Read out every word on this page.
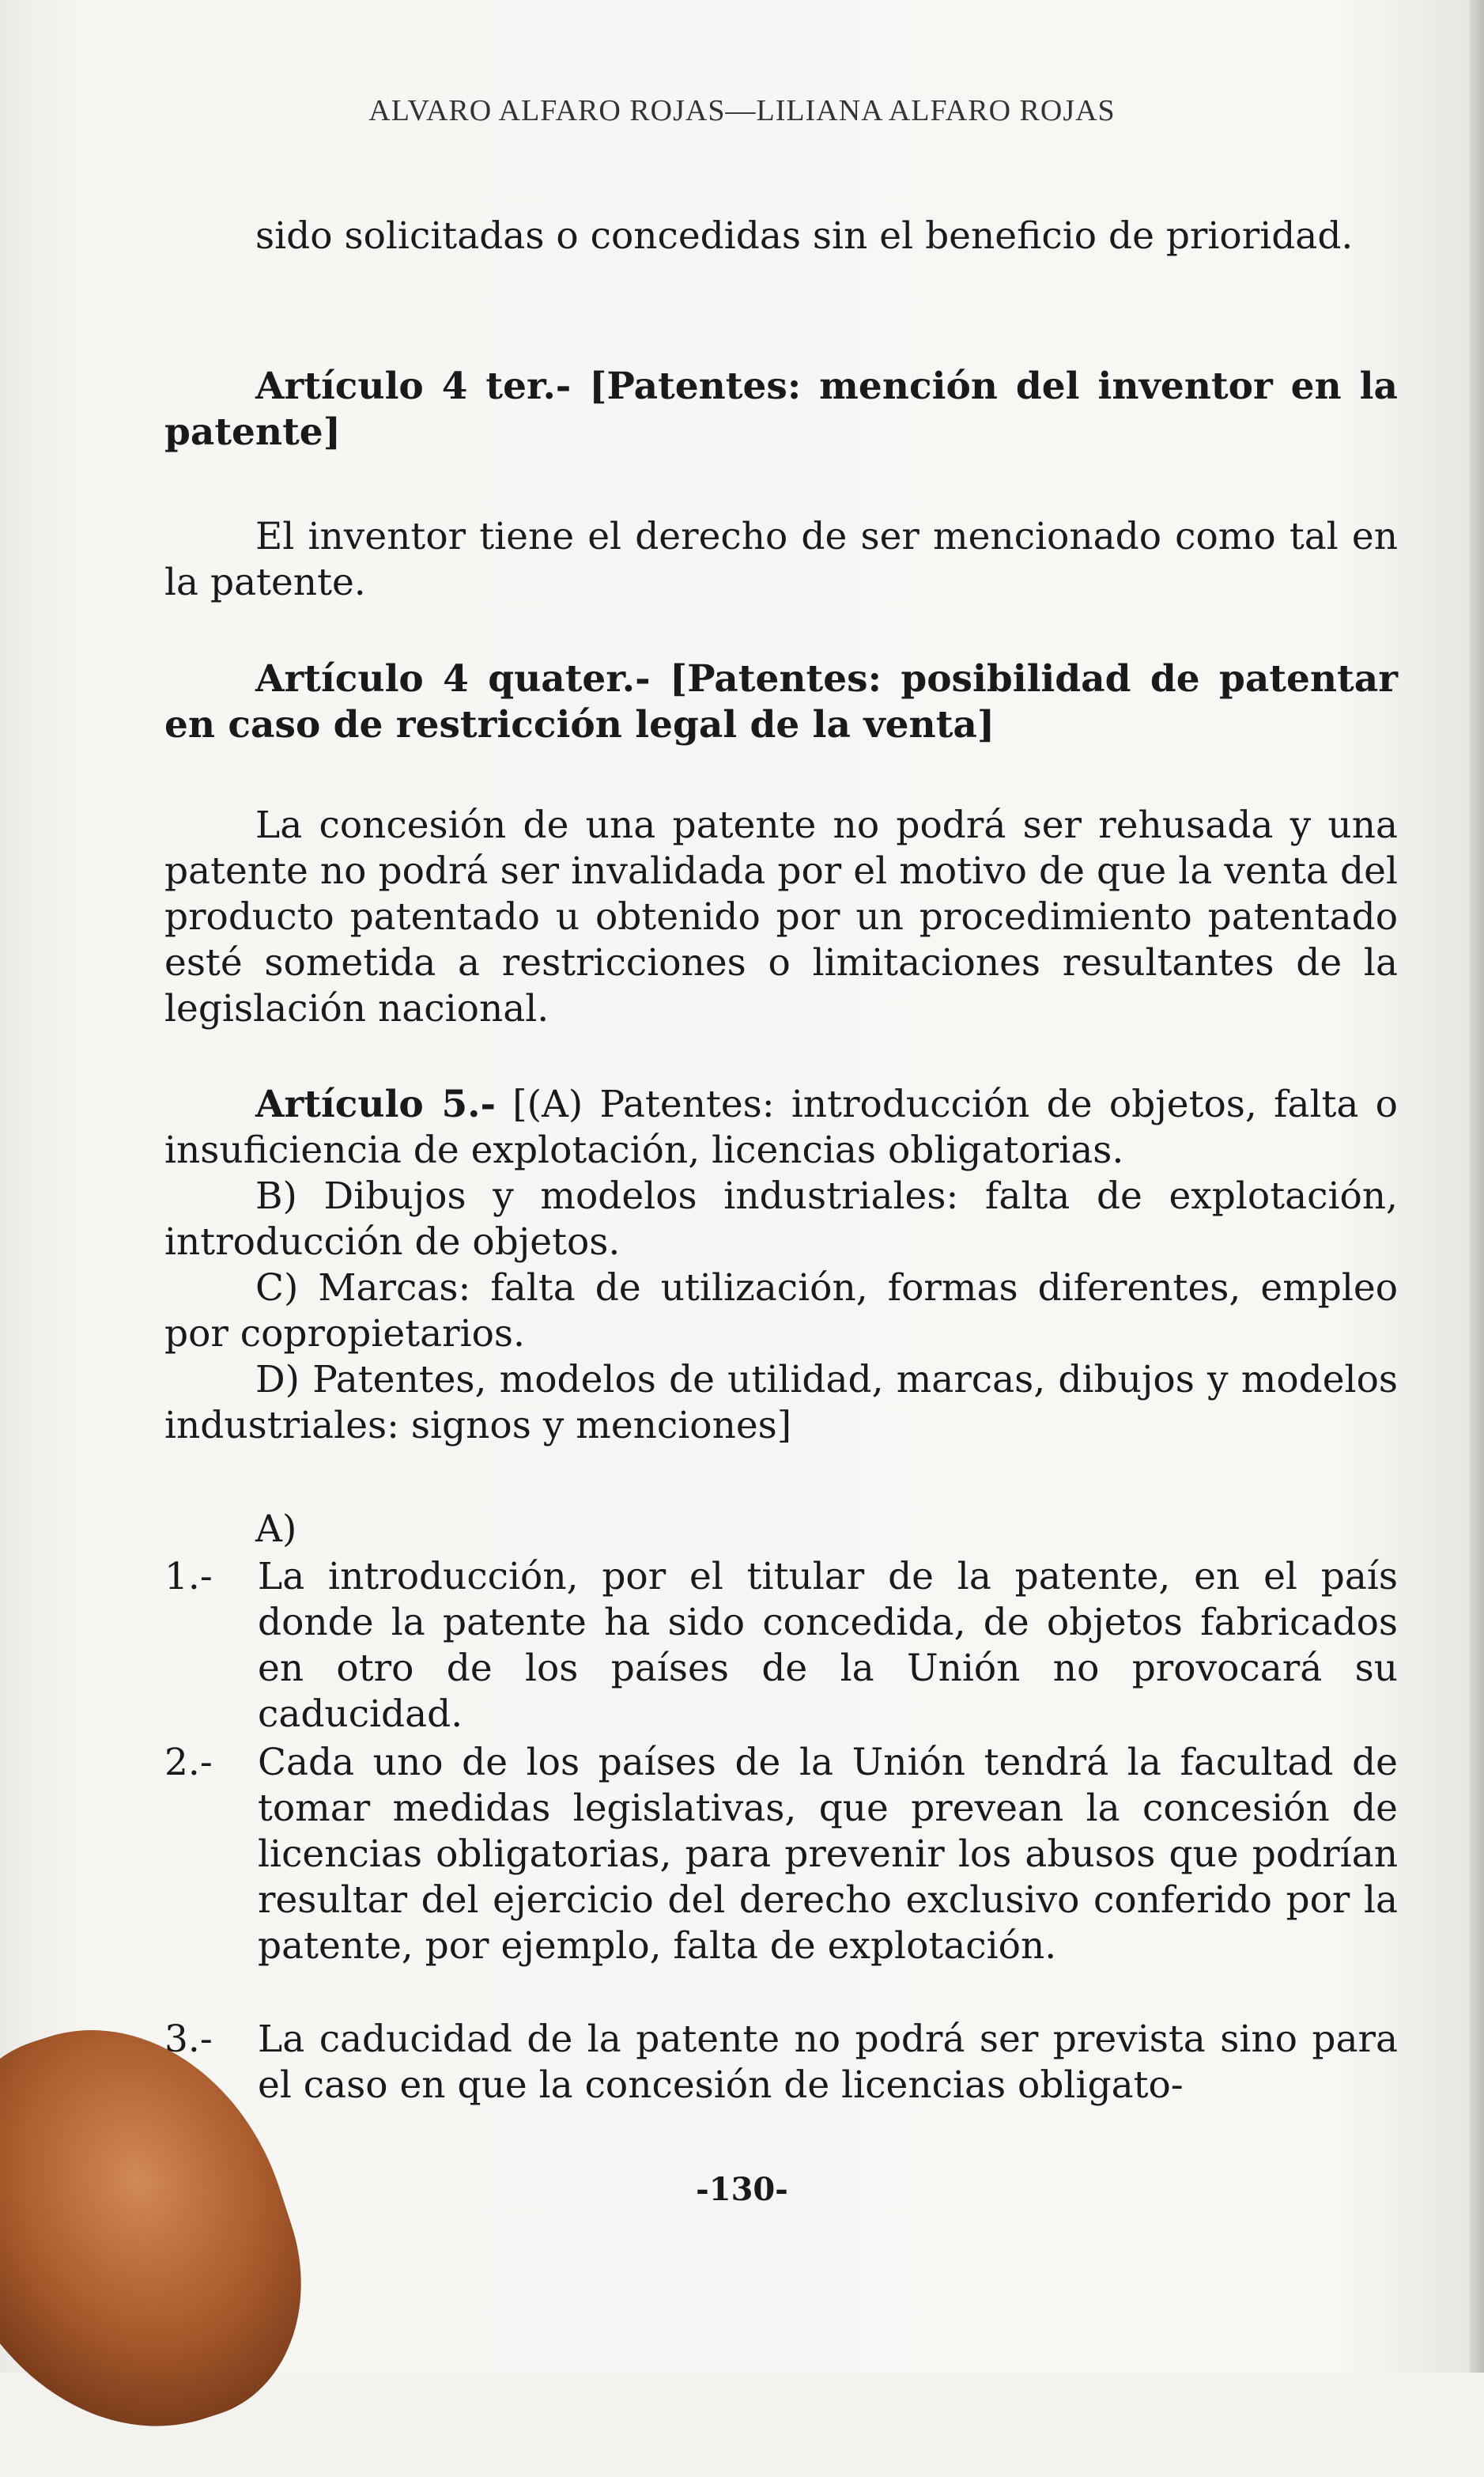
ALVARO ALFARO ROJAS—LILIANA ALFARO ROJAS
sido solicitadas o concedidas sin el beneficio de prioridad.
Artículo 4 ter.- [Patentes: mención del inventor en la patente]
El inventor tiene el derecho de ser mencionado como tal en la patente.
Artículo 4 quater.- [Patentes: posibilidad de patentar en caso de restricción legal de la venta]
La concesión de una patente no podrá ser rehusada y una patente no podrá ser invalidada por el motivo de que la venta del producto patentado u obtenido por un procedimiento patentado esté sometida a restricciones o limitaciones resultantes de la legislación nacional.
Artículo 5.- [(A) Patentes: introducción de objetos, falta o insuficiencia de explotación, licencias obligatorias.
B) Dibujos y modelos industriales: falta de explotación, introducción de objetos.
C) Marcas: falta de utilización, formas diferentes, empleo por copropietarios.
D) Patentes, modelos de utilidad, marcas, dibujos y modelos industriales: signos y menciones]
A)
1.-	La introducción, por el titular de la patente, en el país donde la patente ha sido concedida, de objetos fabricados en otro de los países de la Unión no provocará su caducidad.
2.-	Cada uno de los países de la Unión tendrá la facultad de tomar medidas legislativas, que prevean la concesión de licencias obligatorias, para prevenir los abusos que podrían resultar del ejercicio del derecho exclusivo conferido por la patente, por ejemplo, falta de explotación.
3.-	La caducidad de la patente no podrá ser prevista sino para el caso en que la concesión de licencias obligato-
-130-
